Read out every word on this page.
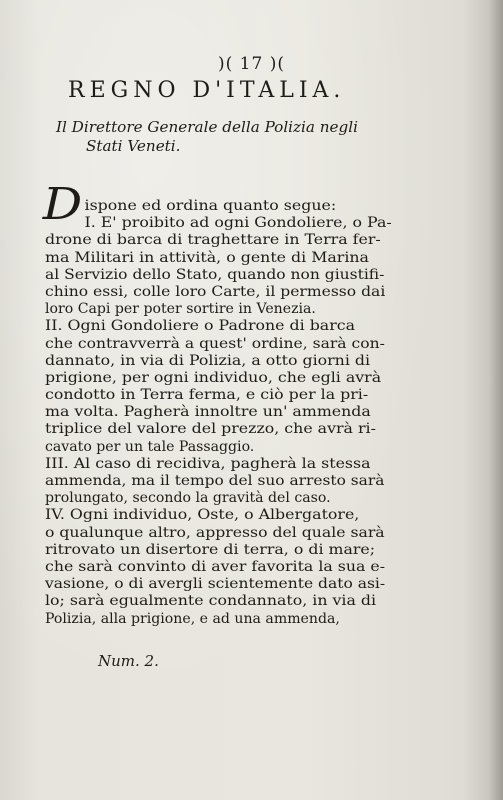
)( 17 )(
REGNO D'ITALIA.
Il Direttore Generale della Polizia negli
Stati Veneti.
Dispone ed ordina quanto segue:
I. E' proibito ad ogni Gondoliere, o Pa-
drone di barca di traghettare in Terra fer-
ma Militari in attività, o gente di Marina
al Servizio dello Stato, quando non giustifi-
chino essi, colle loro Carte, il permesso dai
loro Capi per poter sortire in Venezia.
II. Ogni Gondoliere o Padrone di barca
che contravverrà a quest' ordine, sarà con-
dannato, in via di Polizia, a otto giorni di
prigione, per ogni individuo, che egli avrà
condotto in Terra ferma, e ciò per la pri-
ma volta. Pagherà innoltre un' ammenda
triplice del valore del prezzo, che avrà ri-
cavato per un tale Passaggio.
III. Al caso di recidiva, pagherà la stessa
ammenda, ma il tempo del suo arresto sarà
prolungato, secondo la gravità del caso.
IV. Ogni individuo, Oste, o Albergatore,
o qualunque altro, appresso del quale sarà
ritrovato un disertore di terra, o di mare;
che sarà convinto di aver favorita la sua e-
vasione, o di avergli scientemente dato asi-
lo; sarà egualmente condannato, in via di
Polizia, alla prigione, e ad una ammenda,
Num. 2.
